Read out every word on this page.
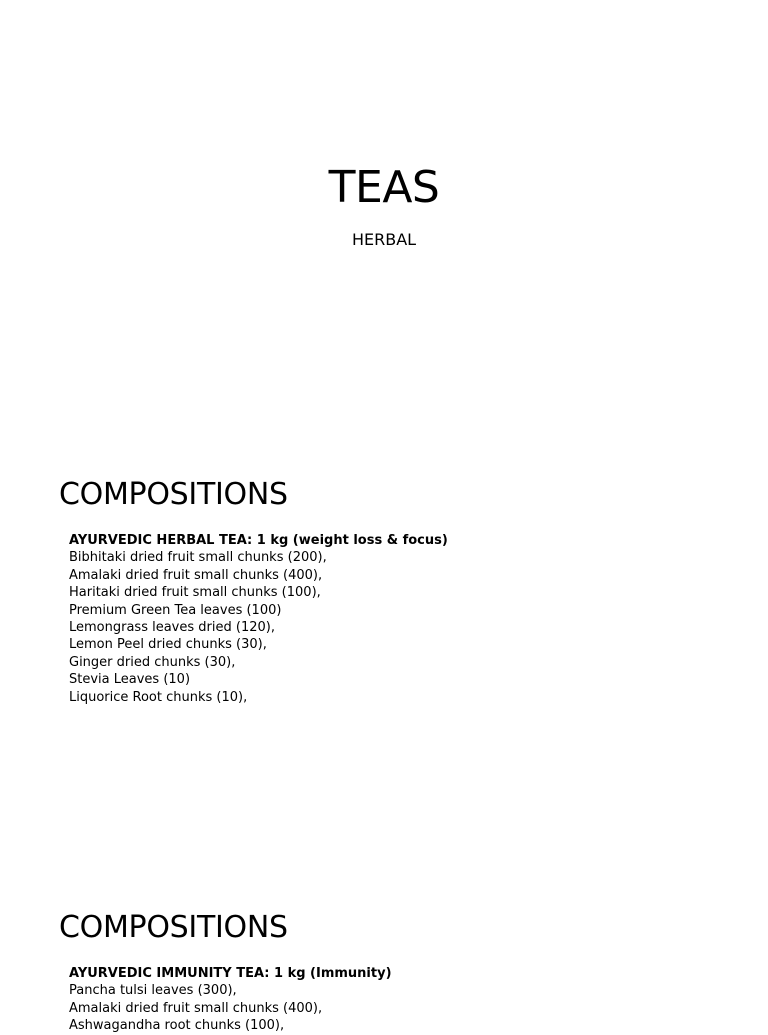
TEAS
HERBAL
COMPOSITIONS
AYURVEDIC HERBAL TEA: 1 kg (weight loss & focus)
Bibhitaki dried fruit small chunks (200),
Amalaki dried fruit small chunks (400),
Haritaki dried fruit small chunks (100),
Premium Green Tea leaves (100)
Lemongrass leaves dried (120),
Lemon Peel dried chunks (30),
Ginger dried chunks (30),
Stevia Leaves (10)
Liquorice Root chunks (10),
COMPOSITIONS
AYURVEDIC IMMUNITY TEA: 1 kg (Immunity)
Pancha tulsi leaves (300),
Amalaki dried fruit small chunks (400),
Ashwagandha root chunks (100),
